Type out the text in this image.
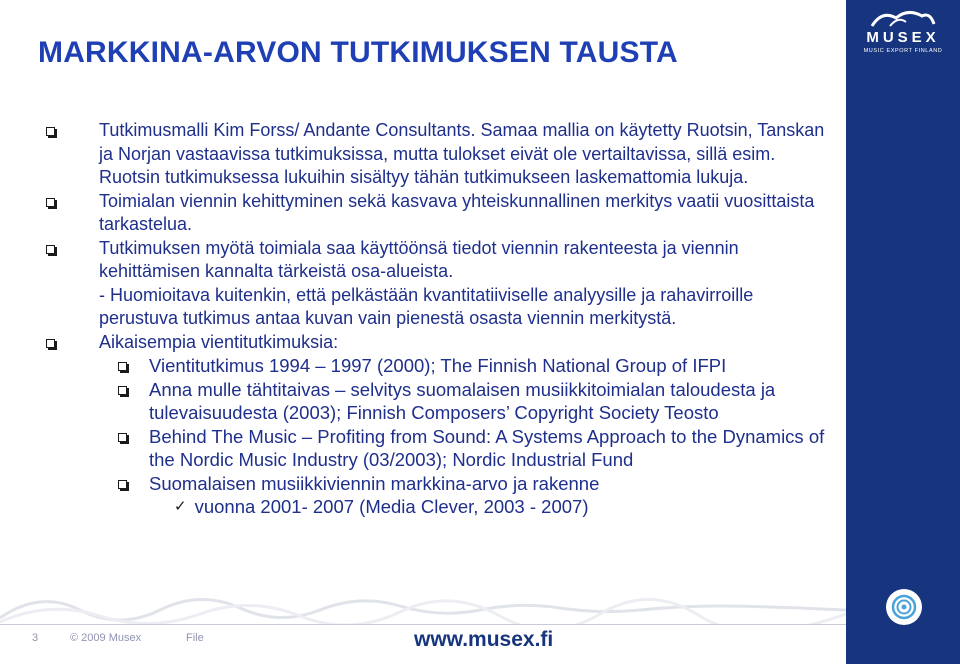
MARKKINA-ARVON TUTKIMUKSEN TAUSTA	MUSEX
MUSIC EXPORT FINLAND
Tutkimusmalli Kim Forss/ Andante Consultants. Samaa mallia on käytetty Ruotsin, Tanskan ja Norjan vastaavissa tutkimuksissa, mutta tulokset eivät ole vertailtavissa, sillä esim. Ruotsin tutkimuksessa lukuihin sisältyy tähän tutkimukseen laskemattomia lukuja.
Toimialan viennin kehittyminen sekä kasvava yhteiskunnallinen merkitys vaatii vuosittaista tarkastelua.
Tutkimuksen myötä toimiala saa käyttöönsä tiedot viennin rakenteesta ja viennin kehittämisen kannalta tärkeistä osa-alueista.
- Huomioitava kuitenkin, että pelkästään kvantitatiiviselle analyysille ja rahavirroille perustuva tutkimus antaa kuvan vain pienestä osasta viennin merkitystä.
Aikaisempia vientitutkimuksia:
Vientitutkimus 1994 – 1997 (2000); The Finnish National Group of IFPI
Anna mulle tähtitaivas – selvitys suomalaisen musiikkitoimialan taloudesta ja tulevaisuudesta (2003); Finnish Composers’ Copyright Society Teosto
Behind The Music – Profiting from Sound: A Systems Approach to the Dynamics of the Nordic Music Industry (03/2003); Nordic Industrial Fund
Suomalaisen musiikkiviennin markkina-arvo ja rakenne
✓ vuonna 2001- 2007 (Media Clever, 2003 - 2007)
3	© 2009 Musex	File	www.musex.fi
